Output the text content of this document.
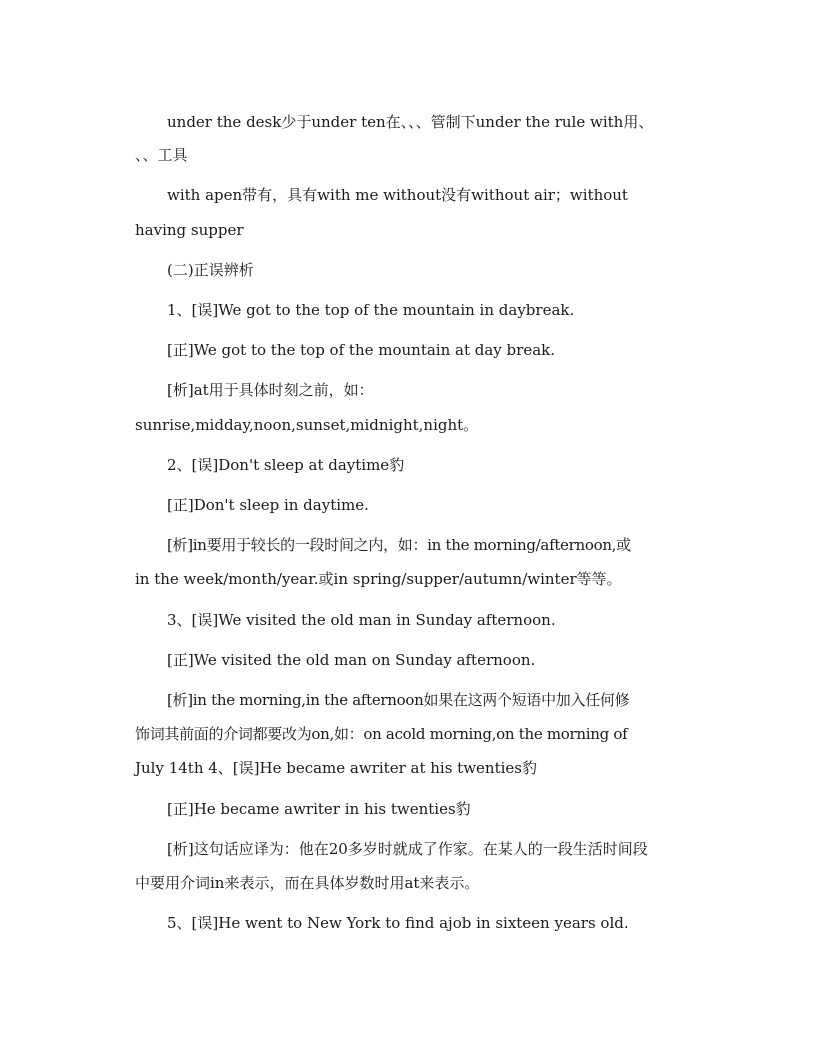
under the desk少于under ten在、、、管制下under the rule with用、
、、工具
with apen带有，具有with me without没有without air；without
having supper
(二)正误辨析
1、[误]We got to the top of the mountain in daybreak.
[正]We got to the top of the mountain at day break.
[析]at用于具体时刻之前，如：
sunrise,midday,noon,sunset,midnight,night。
2、[误]Don't sleep at daytime豹
[正]Don't sleep in daytime.
[析]in要用于较长的一段时间之内，如：in the morning/afternoon,或
in the week/month/year.或in spring/supper/autumn/winter等等。
3、[误]We visited the old man in Sunday afternoon.
[正]We visited the old man on Sunday afternoon.
[析]in the morning,in the afternoon如果在这两个短语中加入任何修
饰词其前面的介词都要改为on,如：on acold morning,on the morning of
July 14th 4、[误]He became awriter at his twenties豹
[正]He became awriter in his twenties豹
[析]这句话应译为：他在20多岁时就成了作家。在某人的一段生活时间段
中要用介词in来表示，而在具体岁数时用at来表示。
5、[误]He went to New York to find ajob in sixteen years old.
